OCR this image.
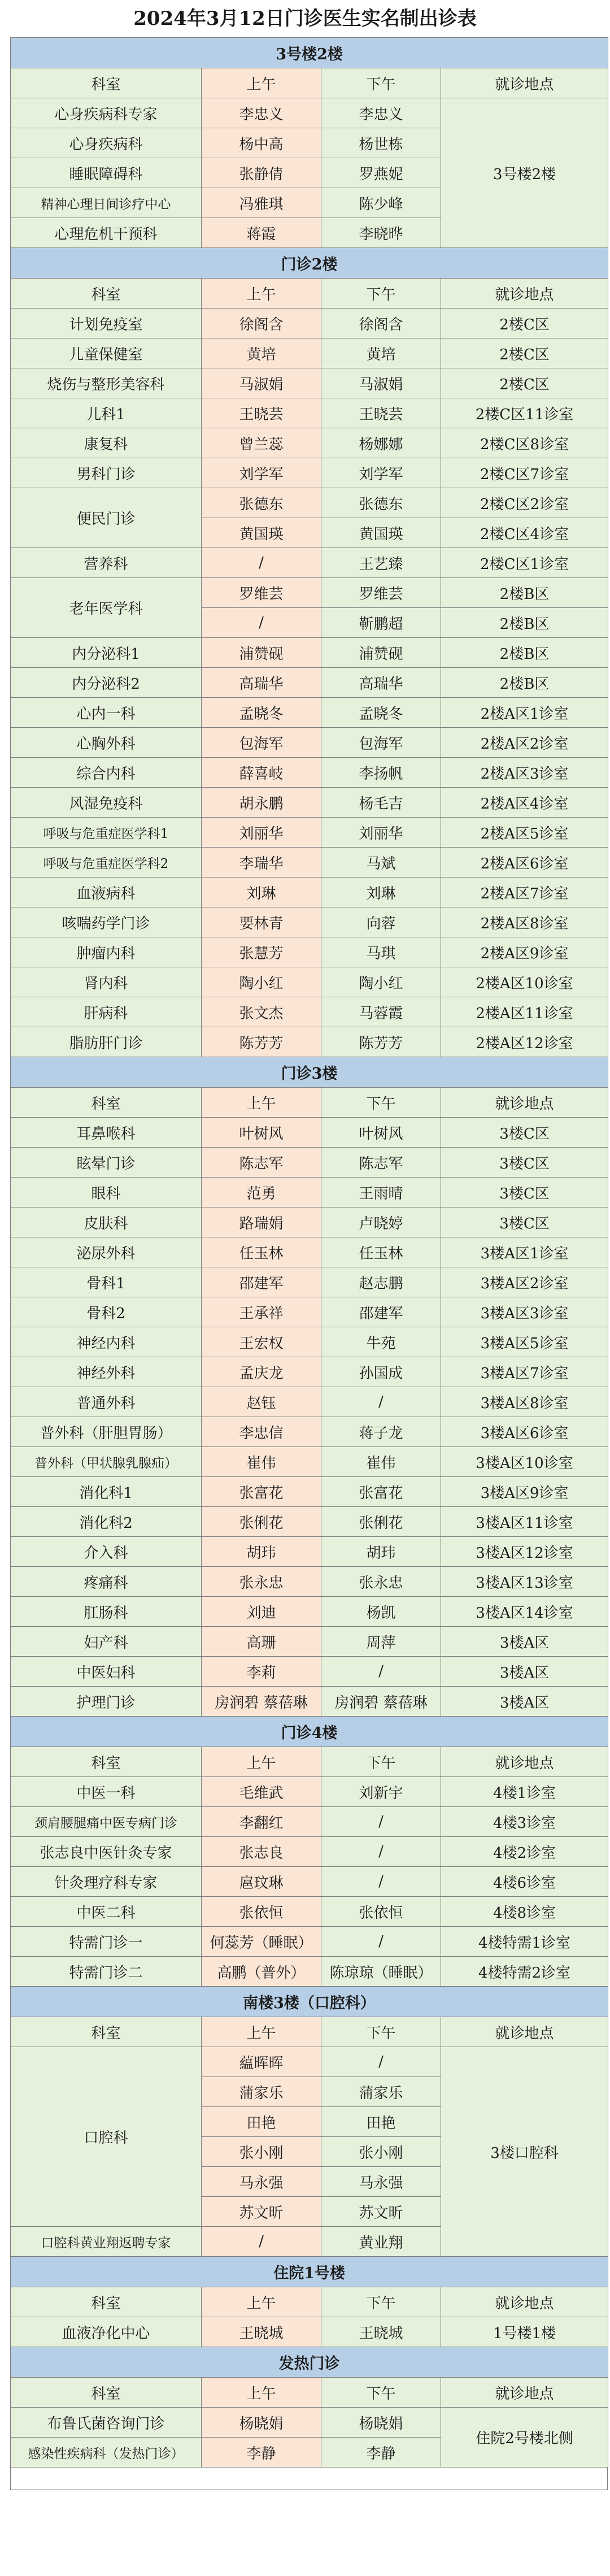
2024年3月12日门诊医生实名制出诊表
3号楼2楼			
科室	上午	下午	就诊地点
心身疾病科专家	李忠义	李忠义	3号楼2楼
心身疾病科	杨中高	杨世栋	
睡眠障碍科	张静倩	罗燕妮	
精神心理日间诊疗中心	冯雅琪	陈少峰	
心理危机干预科	蒋霞	李晓晔	
门诊2楼			
科室	上午	下午	就诊地点
计划免疫室	徐阁含	徐阁含	2楼C区
儿童保健室	黄培	黄培	2楼C区
烧伤与整形美容科	马淑娟	马淑娟	2楼C区
儿科1	王晓芸	王晓芸	2楼C区11诊室
康复科	曾兰蕊	杨娜娜	2楼C区8诊室
男科门诊	刘学军	刘学军	2楼C区7诊室
便民门诊	张德东	张德东	2楼C区2诊室
	黄国瑛	黄国瑛	2楼C区4诊室
营养科	/	王艺臻	2楼C区1诊室
老年医学科	罗维芸	罗维芸	2楼B区
	/	靳鹏超	2楼B区
内分泌科1	浦赞砚	浦赞砚	2楼B区
内分泌科2	高瑞华	高瑞华	2楼B区
心内一科	孟晓冬	孟晓冬	2楼A区1诊室
心胸外科	包海军	包海军	2楼A区2诊室
综合内科	薛喜岐	李扬帆	2楼A区3诊室
风湿免疫科	胡永鹏	杨毛吉	2楼A区4诊室
呼吸与危重症医学科1	刘丽华	刘丽华	2楼A区5诊室
呼吸与危重症医学科2	李瑞华	马斌	2楼A区6诊室
血液病科	刘琳	刘琳	2楼A区7诊室
咳喘药学门诊	要林青	向蓉	2楼A区8诊室
肿瘤内科	张慧芳	马琪	2楼A区9诊室
肾内科	陶小红	陶小红	2楼A区10诊室
肝病科	张文杰	马蓉霞	2楼A区11诊室
脂肪肝门诊	陈芳芳	陈芳芳	2楼A区12诊室
门诊3楼			
科室	上午	下午	就诊地点
耳鼻喉科	叶树风	叶树风	3楼C区
眩晕门诊	陈志军	陈志军	3楼C区
眼科	范勇	王雨晴	3楼C区
皮肤科	路瑞娟	卢晓婷	3楼C区
泌尿外科	任玉林	任玉林	3楼A区1诊室
骨科1	邵建军	赵志鹏	3楼A区2诊室
骨科2	王承祥	邵建军	3楼A区3诊室
神经内科	王宏权	牛苑	3楼A区5诊室
神经外科	孟庆龙	孙国成	3楼A区7诊室
普通外科	赵钰	/	3楼A区8诊室
普外科（肝胆胃肠）	李忠信	蒋子龙	3楼A区6诊室
普外科（甲状腺乳腺疝）	崔伟	崔伟	3楼A区10诊室
消化科1	张富花	张富花	3楼A区9诊室
消化科2	张俐花	张俐花	3楼A区11诊室
介入科	胡玮	胡玮	3楼A区12诊室
疼痛科	张永忠	张永忠	3楼A区13诊室
肛肠科	刘迪	杨凯	3楼A区14诊室
妇产科	高珊	周萍	3楼A区
中医妇科	李莉	/	3楼A区
护理门诊	房润碧 蔡蓓琳	房润碧 蔡蓓琳	3楼A区
门诊4楼			
科室	上午	下午	就诊地点
中医一科	毛维武	刘新宇	4楼1诊室
颈肩腰腿痛中医专病门诊	李翻红	/	4楼3诊室
张志良中医针灸专家	张志良	/	4楼2诊室
针灸理疗科专家	扈玟琳	/	4楼6诊室
中医二科	张依恒	张依恒	4楼8诊室
特需门诊一	何蕊芳（睡眠）	/	4楼特需1诊室
特需门诊二	高鹏（普外）	陈琼琼（睡眠）	4楼特需2诊室
南楼3楼（口腔科）			
科室	上午	下午	就诊地点
口腔科	藴晖晖	/	3楼口腔科
	蒲家乐	蒲家乐	
	田艳	田艳	
	张小刚	张小刚	
	马永强	马永强	
	苏文昕	苏文昕	
口腔科黄业翔返聘专家	/	黄业翔	
住院1号楼			
科室	上午	下午	就诊地点
血液净化中心	王晓城	王晓城	1号楼1楼
发热门诊			
科室	上午	下午	就诊地点
布鲁氏菌咨询门诊	杨晓娟	杨晓娟	住院2号楼北侧
感染性疾病科（发热门诊）	李静	李静	
